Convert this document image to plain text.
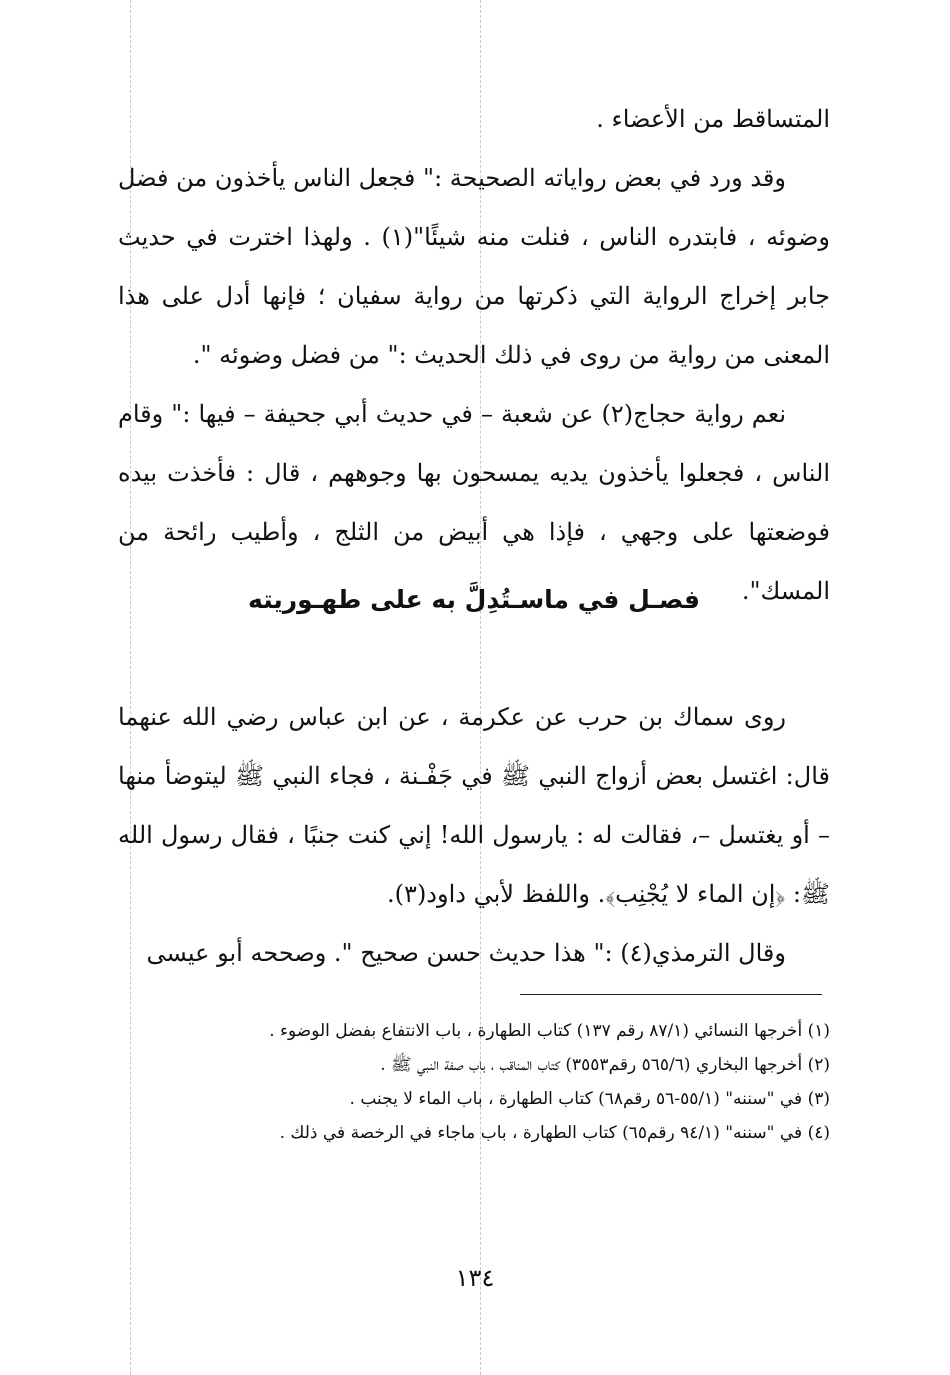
المتساقط من الأعضاء .

وقد ورد في بعض رواياته الصحيحة :" فجعل الناس يأخذون من فضل وضوئه ، فابتدره الناس ، فنلت منه شيئًا"(١) . ولهذا اخترت في حديث جابر إخراج الرواية التي ذكرتها من رواية سفيان ؛ فإنها أدل على هذا المعنى من رواية من روى في ذلك الحديث :" من فضل وضوئه ".

نعم رواية حجاج(٢) عن شعبة – في حديث أبي جحيفة – فيها :" وقام الناس ، فجعلوا يأخذون يديه يمسحون بها وجوههم ، قال : فأخذت بيده فوضعتها على وجهي ، فإذا هي أبيض من الثلج ، وأطيب رائحة من المسك".

فصـل في ماسـتُدِلَّ به على طهـوريته

روى سماك بن حرب عن عكرمة ، عن ابن عباس رضي الله عنهما قال: اغتسل بعض أزواج النبي ﷺ في جَفْـنة ، فجاء النبي ﷺ ليتوضأ منها – أو يغتسل –، فقالت له : يارسول الله! إني كنت جنبًا ، فقال رسول الله ﷺ: ﴿إن الماء لا يُجْنِب﴾. واللفظ لأبي داود(٣).

وقال الترمذي(٤) :" هذا حديث حسن صحيح ". وصححه أبو عيسى

(١) أخرجها النسائي (٨٧/١ رقم ١٣٧) كتاب الطهارة ، باب الانتفاع بفضل الوضوء .

(٢) أخرجها البخاري (٥٦٥/٦ رقم٣٥٥٣) كتاب المناقب ، باب صفة النبي ﷺ .

(٣) في "سننه" (٥٥/١-٥٦ رقم٦٨) كتاب الطهارة ، باب الماء لا يجنب .

(٤) في "سننه" (٩٤/١ رقم٦٥) كتاب الطهارة ، باب ماجاء في الرخصة في ذلك .

١٣٤
